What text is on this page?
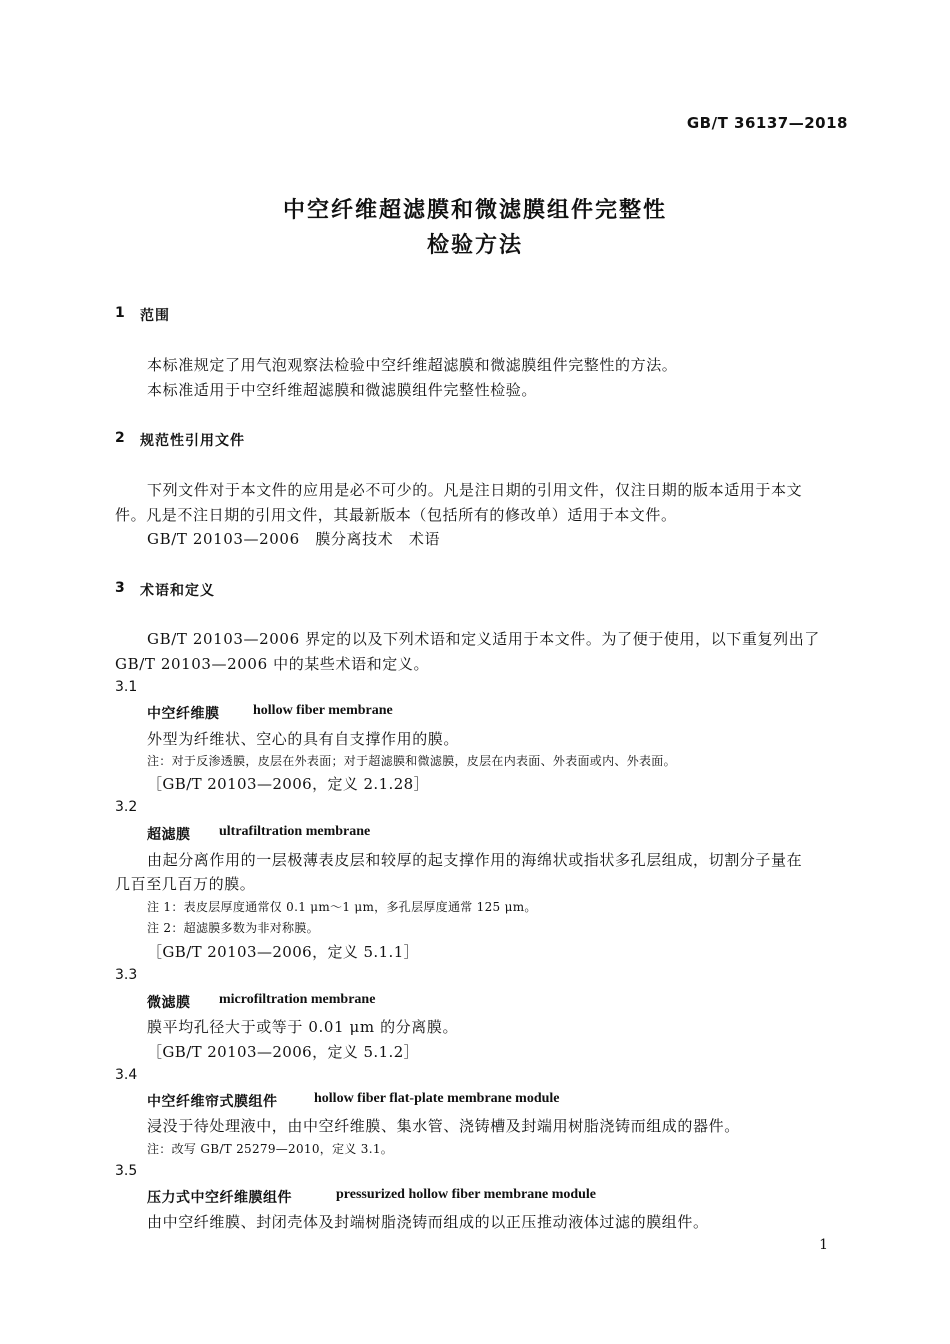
GB/T 36137—2018
中空纤维超滤膜和微滤膜组件完整性
检验方法
1 范围
本标准规定了用气泡观察法检验中空纤维超滤膜和微滤膜组件完整性的方法。
本标准适用于中空纤维超滤膜和微滤膜组件完整性检验。
2 规范性引用文件
下列文件对于本文件的应用是必不可少的。凡是注日期的引用文件，仅注日期的版本适用于本文
件。凡是不注日期的引用文件，其最新版本（包括所有的修改单）适用于本文件。
GB/T 20103—2006　膜分离技术　术语
3 术语和定义
GB/T 20103—2006 界定的以及下列术语和定义适用于本文件。为了便于使用，以下重复列出了
GB/T 20103—2006 中的某些术语和定义。
3.1
中空纤维膜 hollow fiber membrane
外型为纤维状、空心的具有自支撑作用的膜。
注：对于反渗透膜，皮层在外表面；对于超滤膜和微滤膜，皮层在内表面、外表面或内、外表面。
［GB/T 20103—2006，定义 2.1.28］
3.2
超滤膜 ultrafiltration membrane
由起分离作用的一层极薄表皮层和较厚的起支撑作用的海绵状或指状多孔层组成，切割分子量在
几百至几百万的膜。
注 1：表皮层厚度通常仅 0.1 μm～1 μm，多孔层厚度通常 125 μm。
注 2：超滤膜多数为非对称膜。
［GB/T 20103—2006，定义 5.1.1］
3.3
微滤膜 microfiltration membrane
膜平均孔径大于或等于 0.01 μm 的分离膜。
［GB/T 20103—2006，定义 5.1.2］
3.4
中空纤维帘式膜组件	hollow fiber flat-plate membrane module
浸没于待处理液中，由中空纤维膜、集水管、浇铸槽及封端用树脂浇铸而组成的器件。
注：改写 GB/T 25279—2010，定义 3.1。
3.5
压力式中空纤维膜组件	pressurized hollow fiber membrane module
由中空纤维膜、封闭壳体及封端树脂浇铸而组成的以正压推动液体过滤的膜组件。
1
